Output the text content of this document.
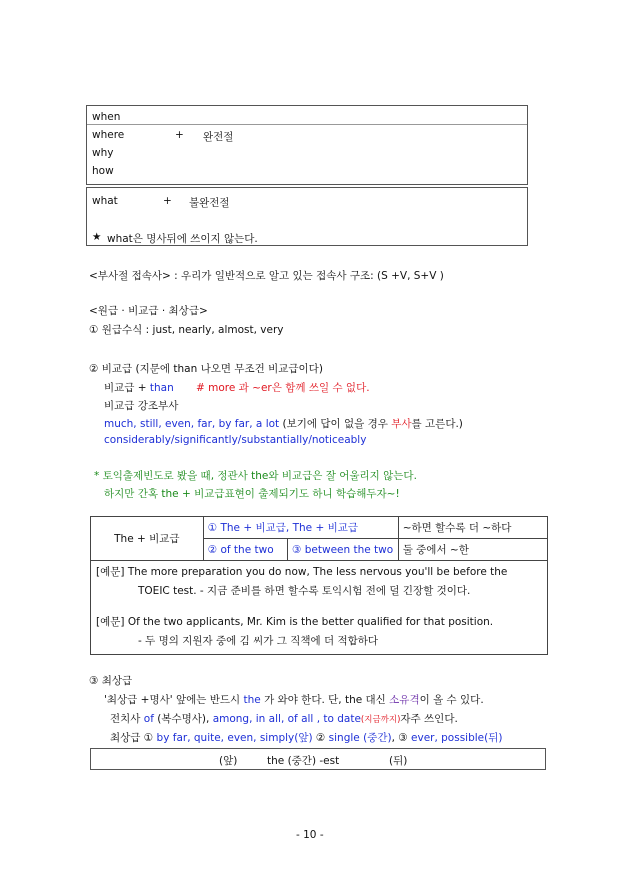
when
where	+ 완전절
why
how
what	+ 불완전절
★ what은 명사뒤에 쓰이지 않는다.
<부사절 접속사> : 우리가 일반적으로 알고 있는 접속사 구조: (S +V, S+V )
<원급 · 비교급 · 최상급>
① 원급수식 : just, nearly, almost, very
② 비교급 (지문에 than 나오면 무조건 비교급이다)
비교급 + than # more 과 ~er은 함께 쓰일 수 없다.
비교급 강조부사
much, still, even, far, by far, a lot (보기에 답이 없을 경우 부사를 고른다.)
considerably/significantly/substantially/noticeably
* 토익출제빈도로 봤을 때, 정관사 the와 비교급은 잘 어울리지 않는다.
하지만 간혹 the + 비교급표현이 출제되기도 하니 학습해두자~!
The + 비교급	① The + 비교급, The + 비교급		~하면 할수록 더 ~하다
	② of the two	③ between the two	둘 중에서 ~한

[예문] The more preparation you do now, The less nervous you'll be before the
TOEIC test. - 지금 준비를 하면 할수록 토익시험 전에 덜 긴장할 것이다.
[예문] Of the two applicants, Mr. Kim is the better qualified for that position.
- 두 명의 지원자 중에 김 씨가 그 직책에 더 적합하다			
③ 최상급
'최상급 +명사' 앞에는 반드시 the 가 와야 한다. 단, the 대신 소유격이 올 수 있다.
전치사 of (복수명사), among, in all, of all , to date(지금까지)자주 쓰인다.
최상급 ① by far, quite, even, simply(앞) ② single (중간), ③ ever, possible(뒤)
(앞)	the (중간) -est	(뒤)
- 10 -
